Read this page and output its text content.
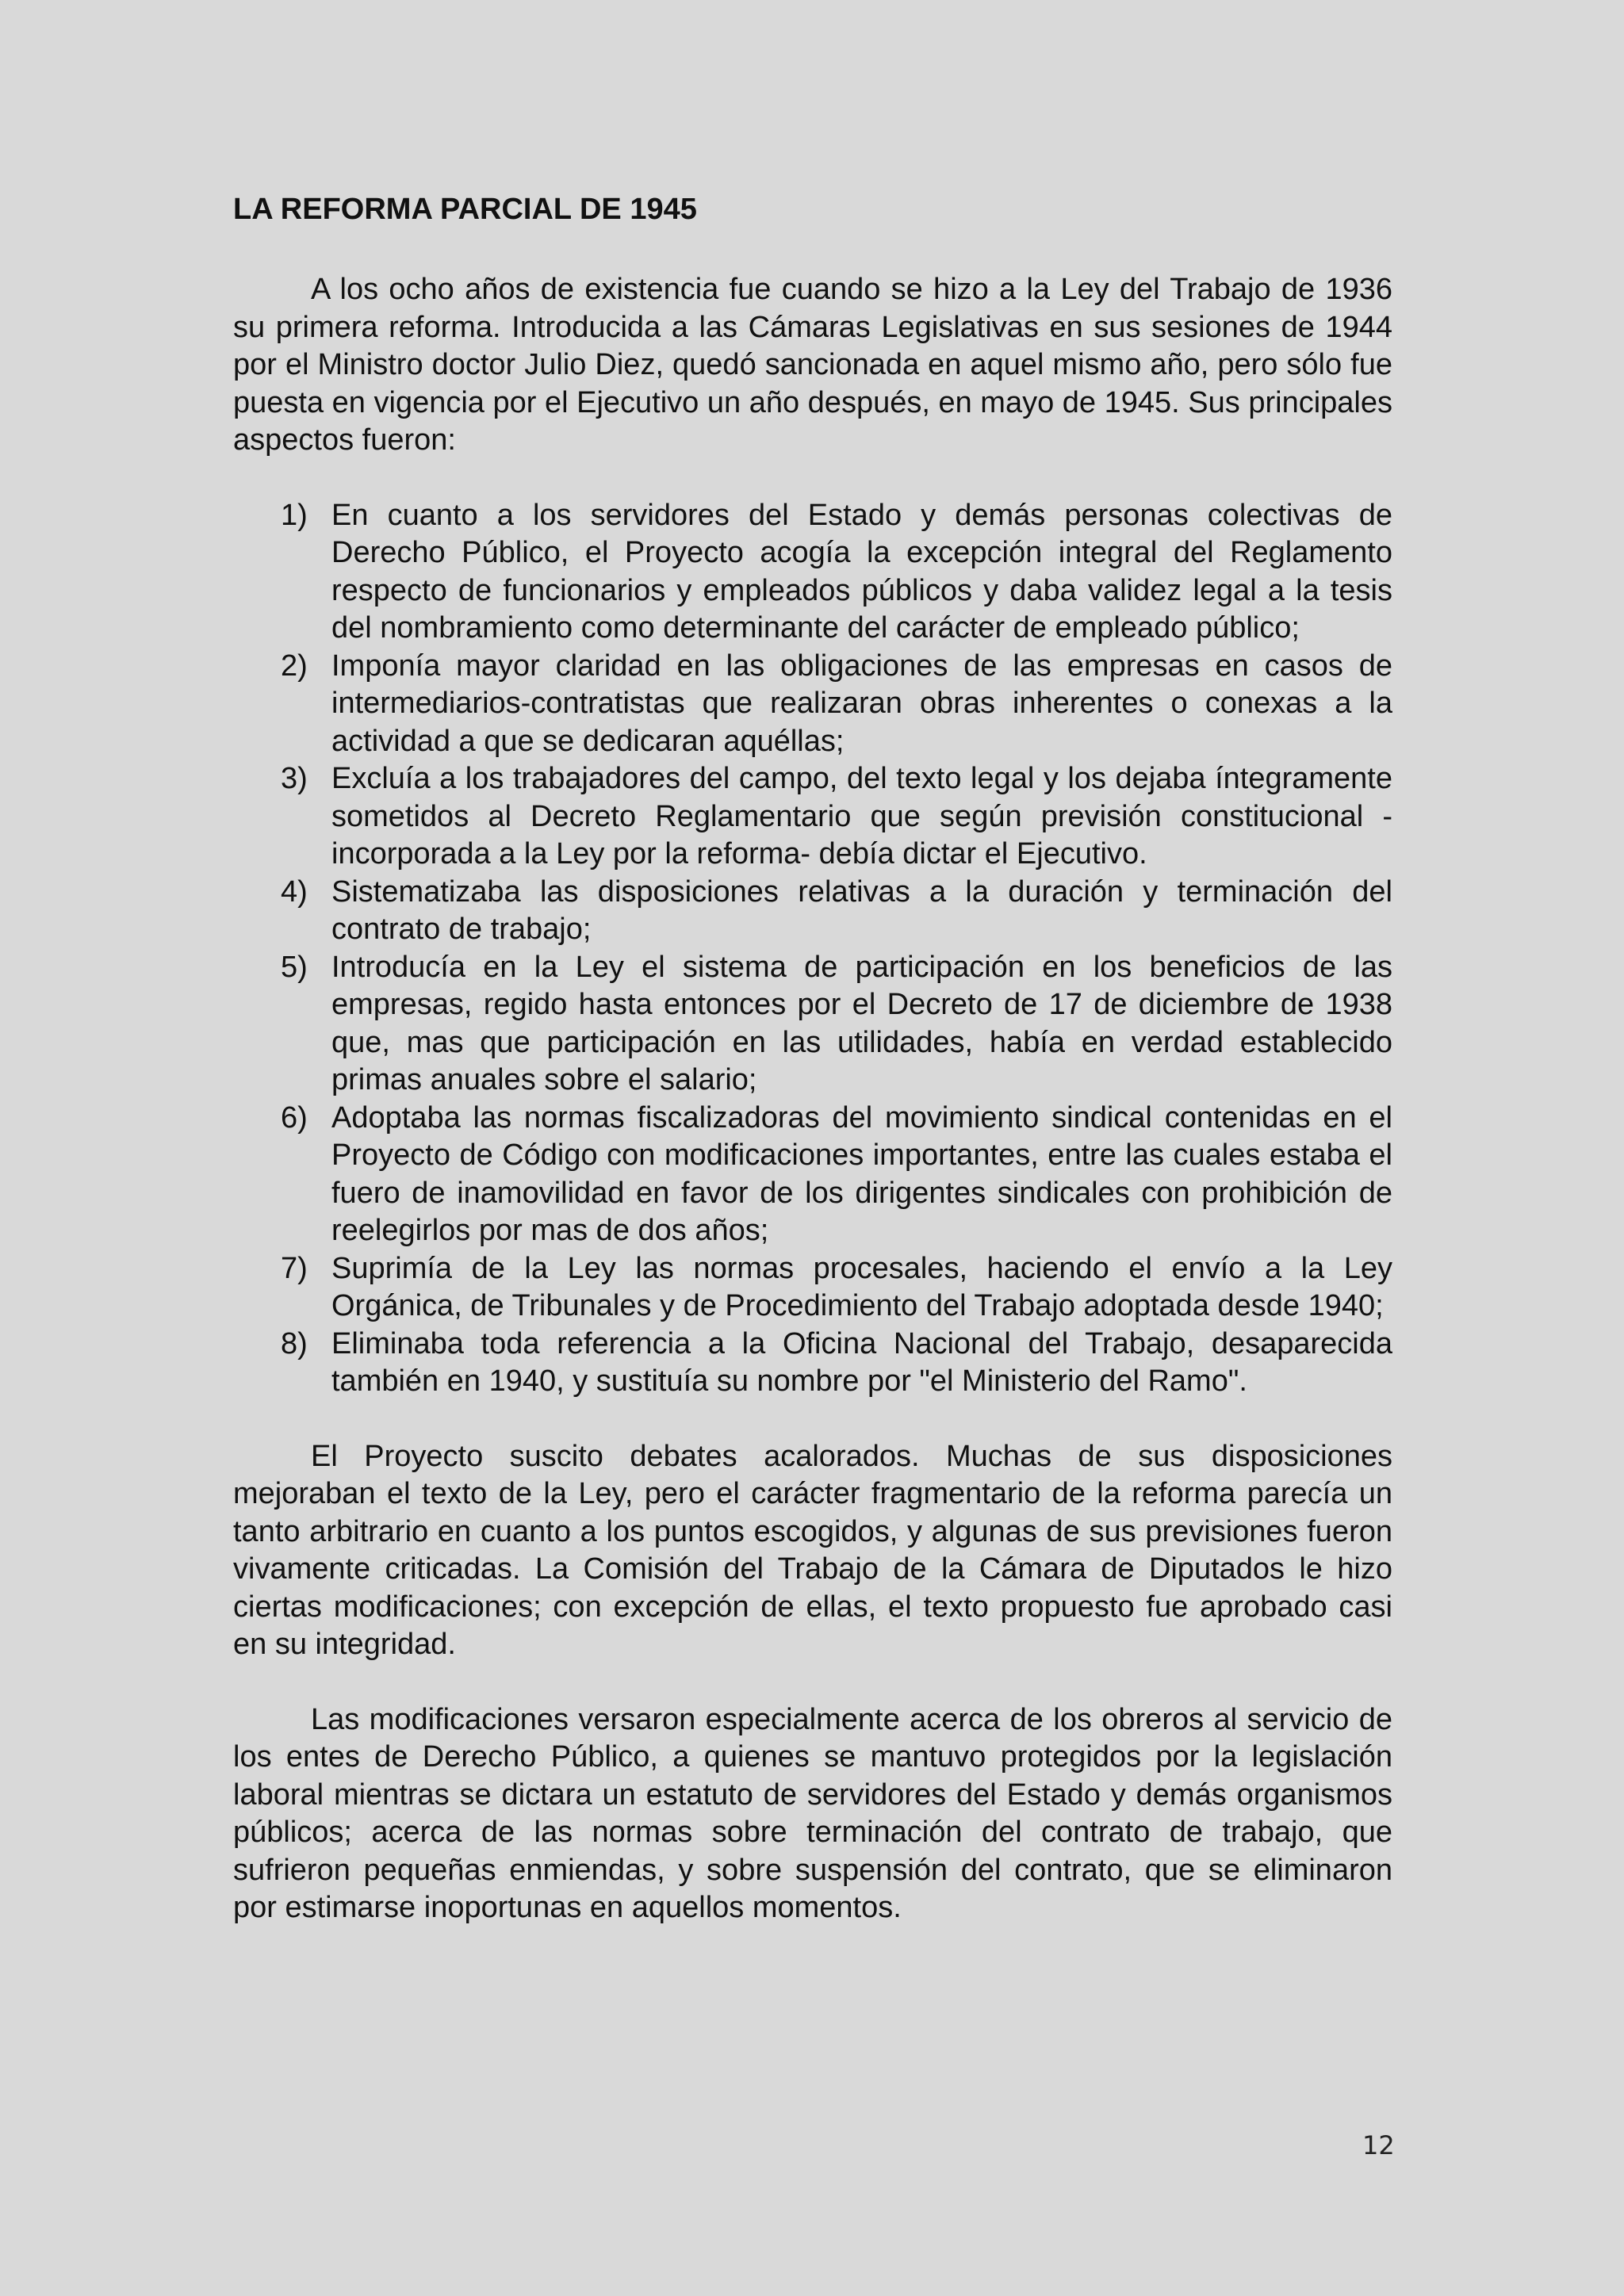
LA REFORMA PARCIAL DE 1945

A los ocho años de existencia fue cuando se hizo a la Ley del Trabajo de 1936 su primera reforma. Introducida a las Cámaras Legislativas en sus sesiones de 1944 por el Ministro doctor Julio Diez, quedó sancionada en aquel mismo año, pero sólo fue puesta en vigencia por el Ejecutivo un año después, en mayo de 1945. Sus principales aspectos fueron:

1) En cuanto a los servidores del Estado y demás personas colectivas de Derecho Público, el Proyecto acogía la excepción integral del Reglamento respecto de funcionarios y empleados públicos y daba validez legal a la tesis del nombramiento como determinante del carácter de empleado público;
2) Imponía mayor claridad en las obligaciones de las empresas en casos de intermediarios-contratistas que realizaran obras inherentes o conexas a la actividad a que se dedicaran aquéllas;
3) Excluía a los trabajadores del campo, del texto legal y los dejaba íntegramente sometidos al Decreto Reglamentario que según previsión constitucional -incorporada a la Ley por la reforma- debía dictar el Ejecutivo.
4) Sistematizaba las disposiciones relativas a la duración y terminación del contrato de trabajo;
5) Introducía en la Ley el sistema de participación en los beneficios de las empresas, regido hasta entonces por el Decreto de 17 de diciembre de 1938 que, mas que participación en las utilidades, había en verdad establecido primas anuales sobre el salario;
6) Adoptaba las normas fiscalizadoras del movimiento sindical contenidas en el Proyecto de Código con modificaciones importantes, entre las cuales estaba el fuero de inamovilidad en favor de los dirigentes sindicales con prohibición de reelegirlos por mas de dos años;
7) Suprimía de la Ley las normas procesales, haciendo el envío a la Ley Orgánica, de Tribunales y de Procedimiento del Trabajo adoptada desde 1940;
8) Eliminaba toda referencia a la Oficina Nacional del Trabajo, desaparecida también en 1940, y sustituía su nombre por "el Ministerio del Ramo".

El Proyecto suscito debates acalorados. Muchas de sus disposiciones mejoraban el texto de la Ley, pero el carácter fragmentario de la reforma parecía un tanto arbitrario en cuanto a los puntos escogidos, y algunas de sus previsiones fueron vivamente criticadas. La Comisión del Trabajo de la Cámara de Diputados le hizo ciertas modificaciones; con excepción de ellas, el texto propuesto fue aprobado casi en su integridad.

Las modificaciones versaron especialmente acerca de los obreros al servicio de los entes de Derecho Público, a quienes se mantuvo protegidos por la legislación laboral mientras se dictara un estatuto de servidores del Estado y demás organismos públicos; acerca de las normas sobre terminación del contrato de trabajo, que sufrieron pequeñas enmiendas, y sobre suspensión del contrato, que se eliminaron por estimarse inoportunas en aquellos momentos.

12
